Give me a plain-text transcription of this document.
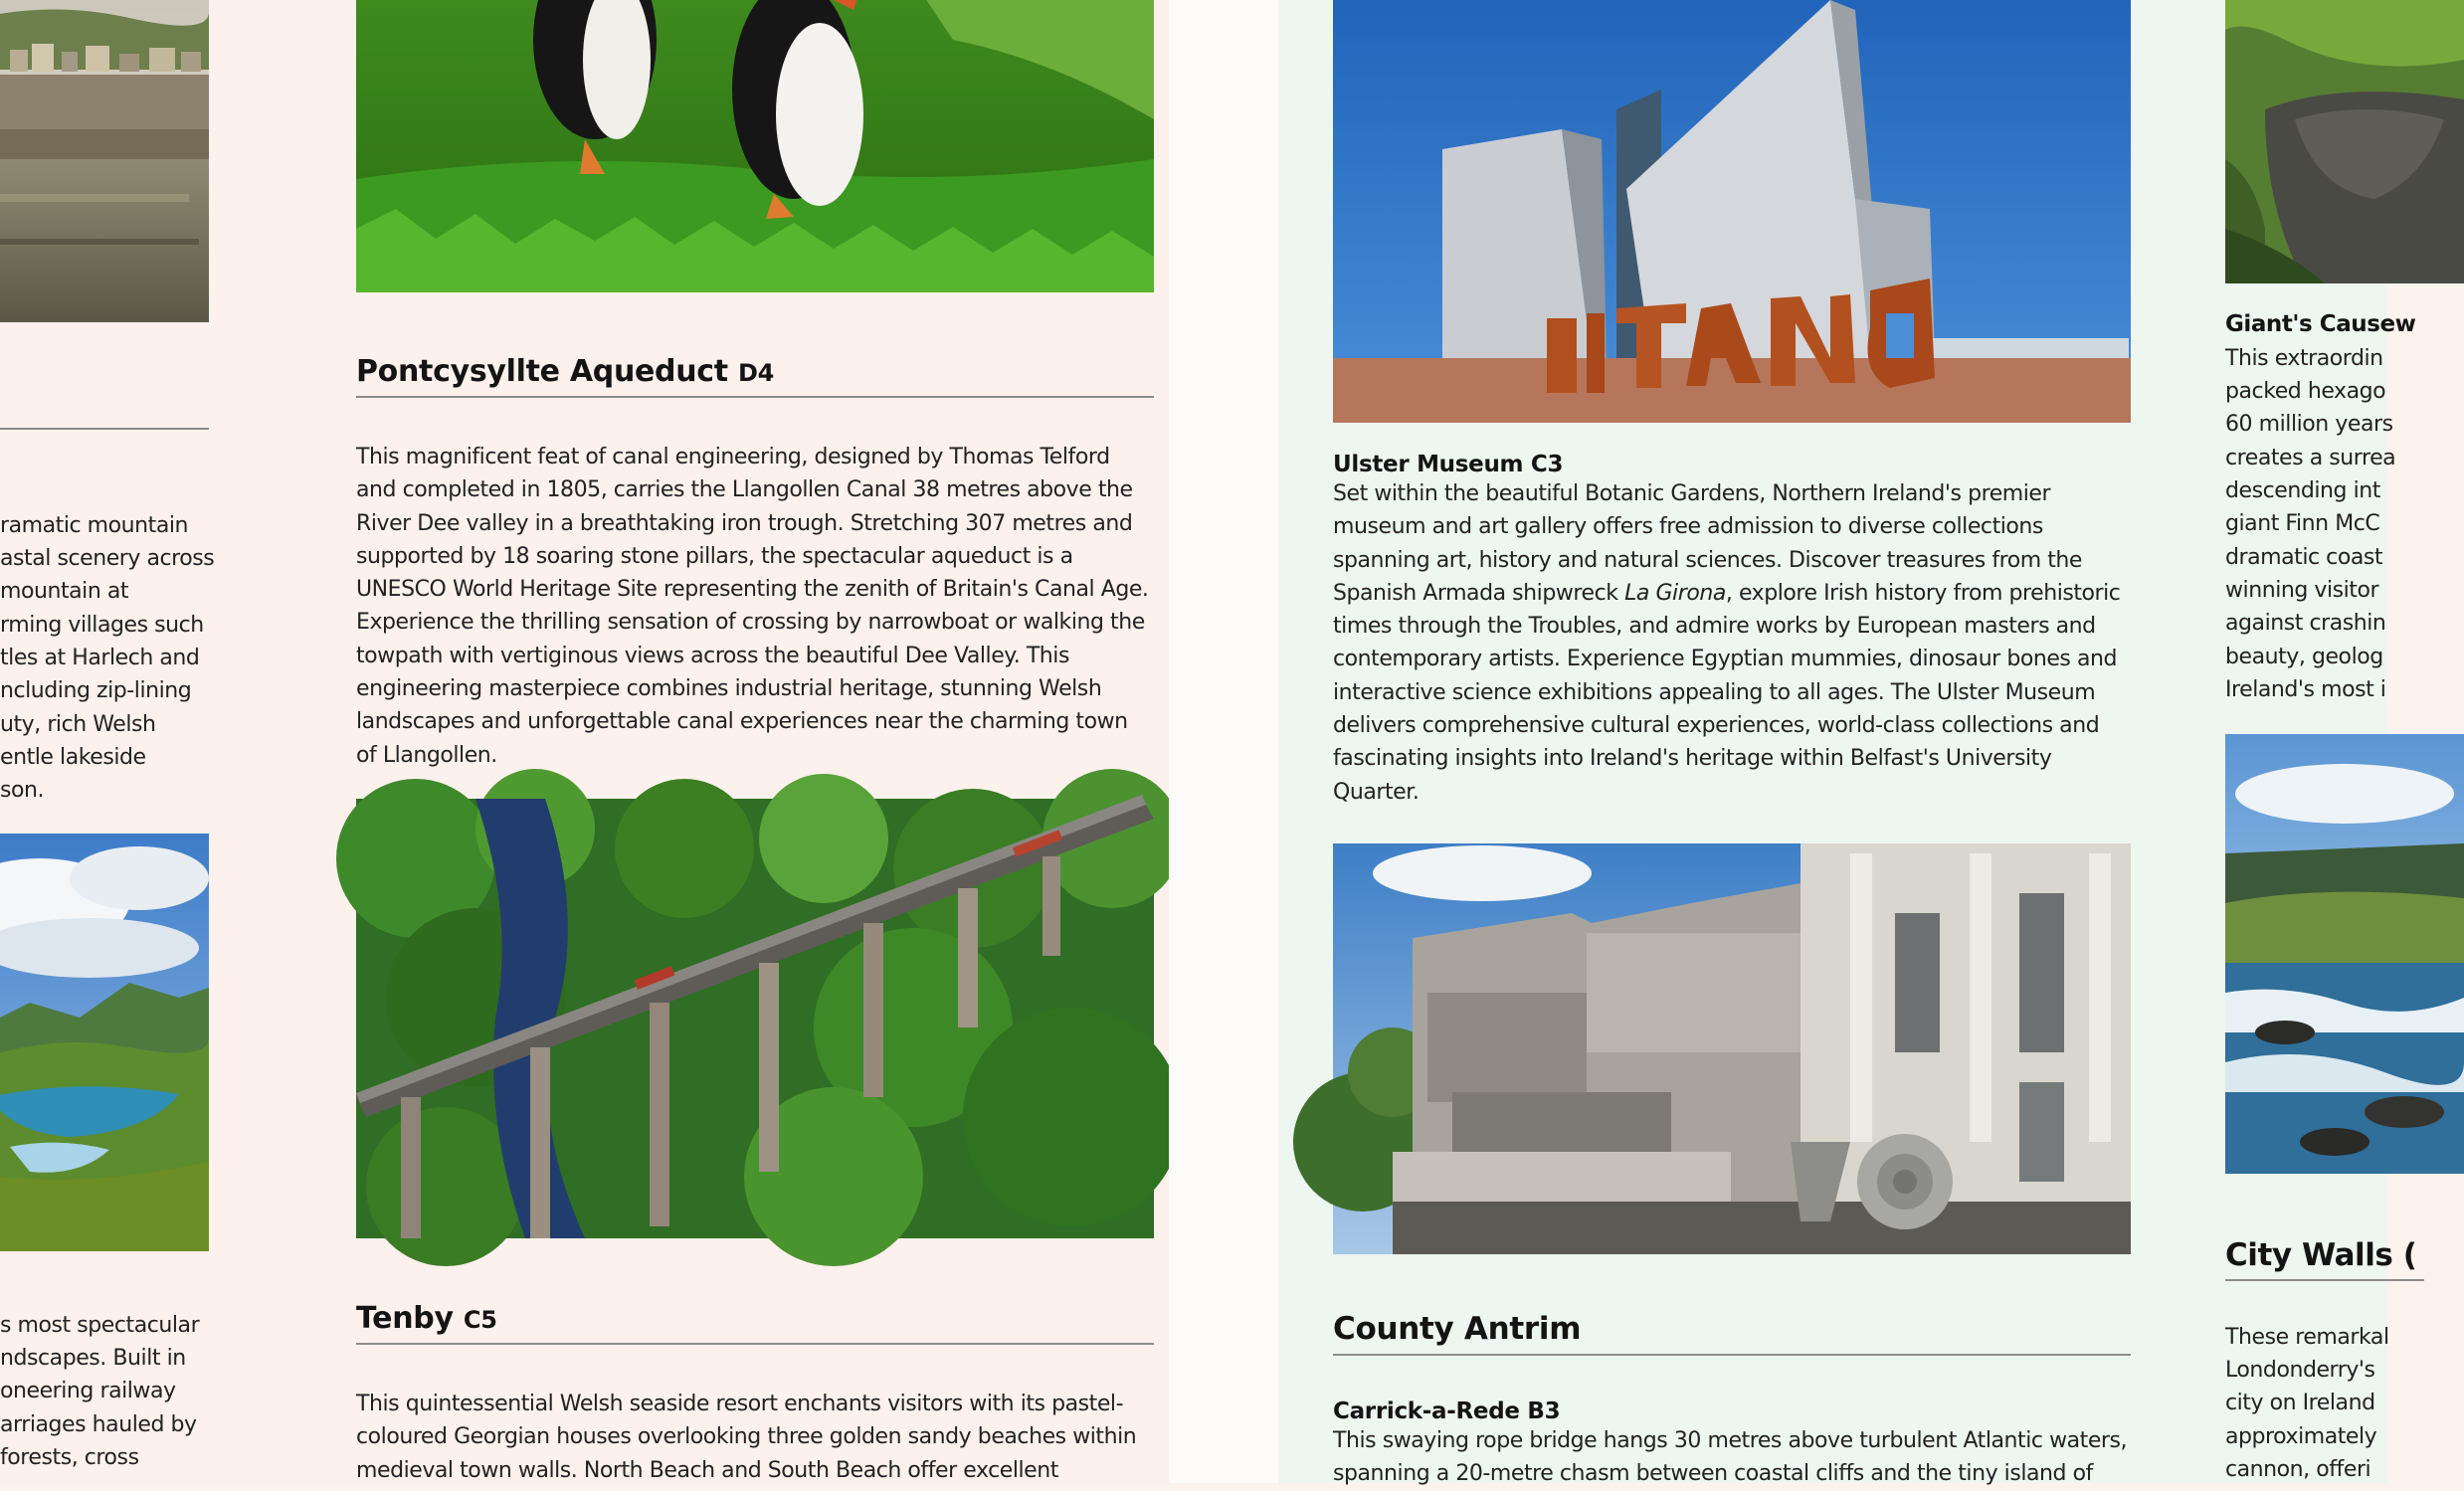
ramatic mountain
astal scenery across
mountain at
rming villages such
tles at Harlech and
ncluding zip-lining
uty, rich Welsh
entle lakeside
son.
s most spectacular
ndscapes. Built in
oneering railway
arriages hauled by
forests, cross
Pontcysyllte Aqueduct D4
This magnificent feat of canal engineering, designed by Thomas Telford and completed in 1805, carries the Llangollen Canal 38 metres above the River Dee valley in a breathtaking iron trough. Stretching 307 metres and supported by 18 soaring stone pillars, the spectacular aqueduct is a UNESCO World Heritage Site representing the zenith of Britain's Canal Age. Experience the thrilling sensation of crossing by narrowboat or walking the towpath with vertiginous views across the beautiful Dee Valley. This engineering masterpiece combines industrial heritage, stunning Welsh landscapes and unforgettable canal experiences near the charming town of Llangollen.
Tenby C5
This quintessential Welsh seaside resort enchants visitors with its pastel-coloured Georgian houses overlooking three golden sandy beaches within medieval town walls. North Beach and South Beach offer excellent
Ulster Museum C3
Set within the beautiful Botanic Gardens, Northern Ireland's premier museum and art gallery offers free admission to diverse collections spanning art, history and natural sciences. Discover treasures from the Spanish Armada shipwreck La Girona, explore Irish history from prehistoric times through the Troubles, and admire works by European masters and contemporary artists. Experience Egyptian mummies, dinosaur bones and interactive science exhibitions appealing to all ages. The Ulster Museum delivers comprehensive cultural experiences, world-class collections and fascinating insights into Ireland's heritage within Belfast's University Quarter.
County Antrim
Carrick-a-Rede B3
This swaying rope bridge hangs 30 metres above turbulent Atlantic waters, spanning a 20-metre chasm between coastal cliffs and the tiny island of
Giant's Causew
This extraordin
packed hexago
60 million years
creates a surrea
descending int
giant Finn McC
dramatic coast
winning visitor
against crashin
beauty, geolog
Ireland's most i
City Walls (
These remarkal
Londonderry's
city on Ireland
approximately
cannon, offeri
